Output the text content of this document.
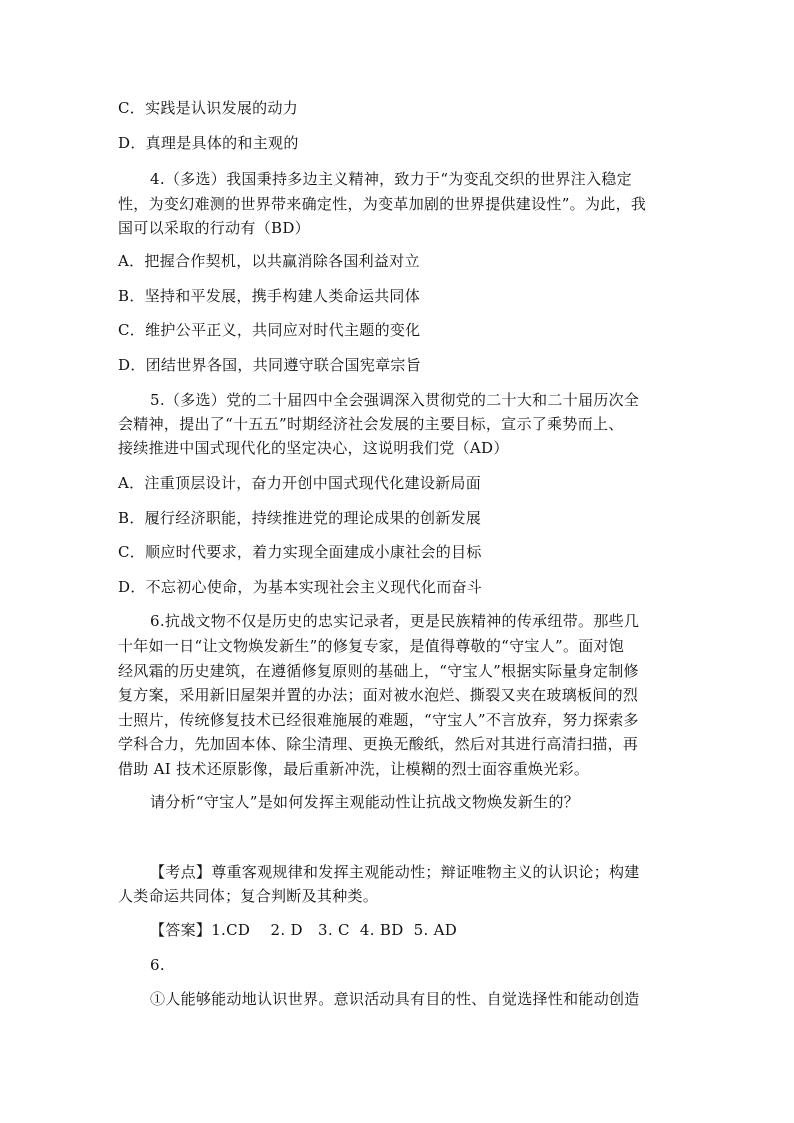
C．实践是认识发展的动力
D．真理是具体的和主观的
4.（多选）我国秉持多边主义精神，致力于“为变乱交织的世界注入稳定
性，为变幻难测的世界带来确定性，为变革加剧的世界提供建设性”。为此，我
国可以采取的行动有（BD）
A．把握合作契机，以共赢消除各国利益对立
B．坚持和平发展，携手构建人类命运共同体
C．维护公平正义，共同应对时代主题的变化
D．团结世界各国，共同遵守联合国宪章宗旨
5.（多选）党的二十届四中全会强调深入贯彻党的二十大和二十届历次全
会精神，提出了“十五五”时期经济社会发展的主要目标，宣示了乘势而上、
接续推进中国式现代化的坚定决心，这说明我们党（AD）
A．注重顶层设计，奋力开创中国式现代化建设新局面
B．履行经济职能，持续推进党的理论成果的创新发展
C．顺应时代要求，着力实现全面建成小康社会的目标
D．不忘初心使命，为基本实现社会主义现代化而奋斗
6.抗战文物不仅是历史的忠实记录者，更是民族精神的传承纽带。那些几
十年如一日“让文物焕发新生”的修复专家，是值得尊敬的“守宝人”。面对饱
经风霜的历史建筑，在遵循修复原则的基础上，“守宝人”根据实际量身定制修
复方案，采用新旧屋架并置的办法；面对被水泡烂、撕裂又夹在玻璃板间的烈
士照片，传统修复技术已经很难施展的难题，“守宝人”不言放弃，努力探索多
学科合力，先加固本体、除尘清理、更换无酸纸，然后对其进行高清扫描，再
借助 AI 技术还原影像，最后重新冲洗，让模糊的烈士面容重焕光彩。
请分析“守宝人”是如何发挥主观能动性让抗战文物焕发新生的？
【考点】尊重客观规律和发挥主观能动性；辩证唯物主义的认识论；构建
人类命运共同体；复合判断及其种类。
【答案】1.CD    2. D   3. C  4. BD  5. AD
6.
①人能够能动地认识世界。意识活动具有目的性、自觉选择性和能动创造
